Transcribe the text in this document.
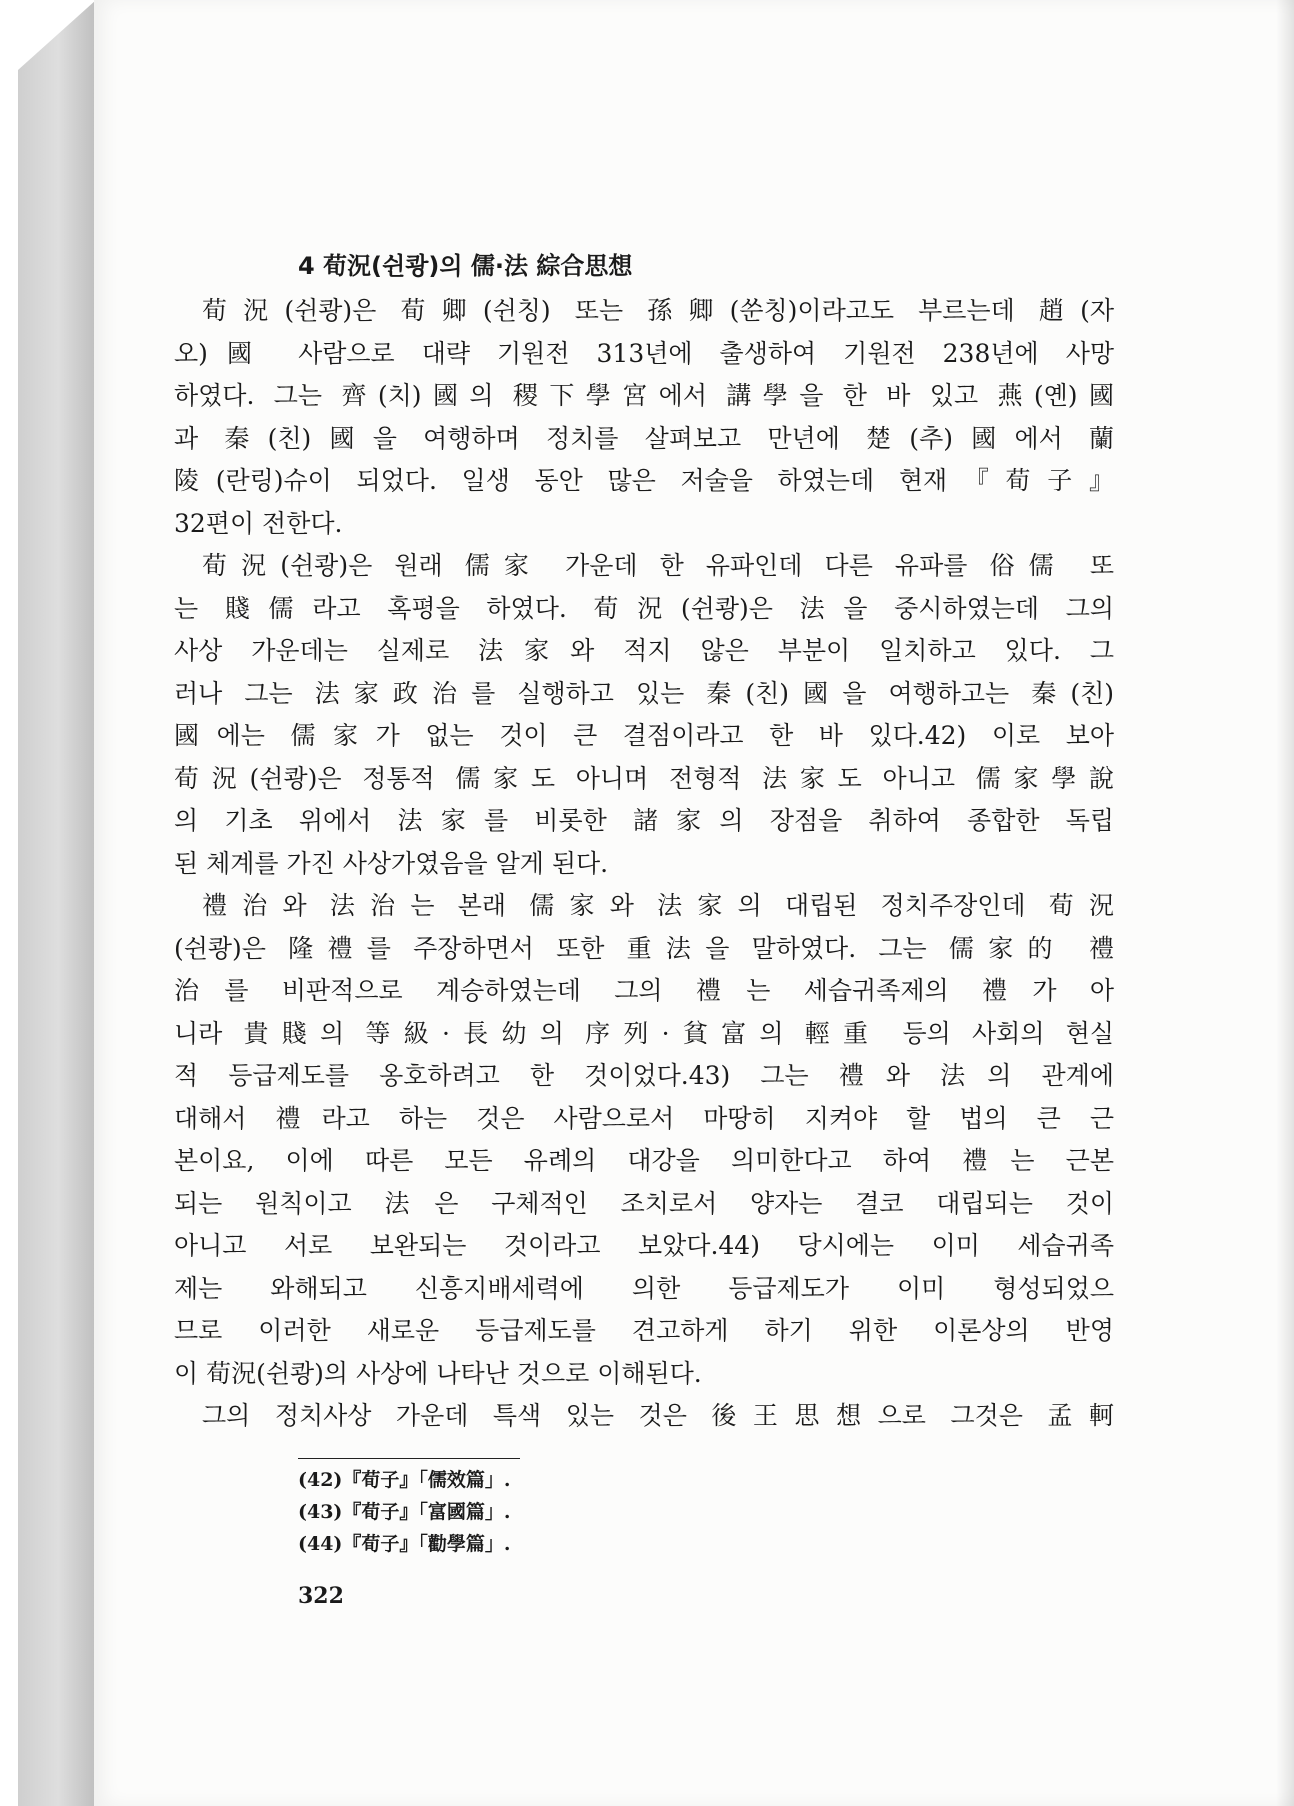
4 荀況(쉰쾅)의 儒·法 綜合思想
荀況(쉰쾅)은 荀卿(쉰칭) 또는 孫卿(쑨칭)이라고도 부르는데 趙(자
오)國 사람으로 대략 기원전 313년에 출생하여 기원전 238년에 사망
하였다. 그는 齊(치)國의 稷下學宮에서 講學을 한 바 있고 燕(옌)國
과 秦(친)國을 여행하며 정치를 살펴보고 만년에 楚(추)國에서 蘭
陵(란링)슈이 되었다. 일생 동안 많은 저술을 하였는데 현재『荀子』
32편이 전한다.
荀況(쉰쾅)은 원래 儒家 가운데 한 유파인데 다른 유파를 俗儒 또
는 賤儒라고 혹평을 하였다. 荀況(쉰쾅)은 法을 중시하였는데 그의
사상 가운데는 실제로 法家와 적지 않은 부분이 일치하고 있다. 그
러나 그는 法家政治를 실행하고 있는 秦(친)國을 여행하고는 秦(친)
國에는 儒家가 없는 것이 큰 결점이라고 한 바 있다.42) 이로 보아
荀況(쉰쾅)은 정통적 儒家도 아니며 전형적 法家도 아니고 儒家學說
의 기초 위에서 法家를 비롯한 諸家의 장점을 취하여 종합한 독립
된 체계를 가진 사상가였음을 알게 된다.
禮治와 法治는 본래 儒家와 法家의 대립된 정치주장인데 荀況
(쉰쾅)은 隆禮를 주장하면서 또한 重法을 말하였다. 그는 儒家的 禮
治를 비판적으로 계승하였는데 그의 禮는 세습귀족제의 禮가 아
니라 貴賤의 等級·長幼의 序列·貧富의 輕重 등의 사회의 현실
적 등급제도를 옹호하려고 한 것이었다.43) 그는 禮와 法의 관계에
대해서 禮라고 하는 것은 사람으로서 마땅히 지켜야 할 법의 큰 근
본이요, 이에 따른 모든 유례의 대강을 의미한다고 하여 禮는 근본
되는 원칙이고 法은 구체적인 조치로서 양자는 결코 대립되는 것이
아니고 서로 보완되는 것이라고 보았다.44) 당시에는 이미 세습귀족
제는 와해되고 신흥지배세력에 의한 등급제도가 이미 형성되었으
므로 이러한 새로운 등급제도를 견고하게 하기 위한 이론상의 반영
이 荀況(쉰쾅)의 사상에 나타난 것으로 이해된다.
그의 정치사상 가운데 특색 있는 것은 後王思想으로 그것은 孟軻
(42)『荀子』「儒效篇」.
(43)『荀子』「富國篇」.
(44)『荀子』「勸學篇」.
322
